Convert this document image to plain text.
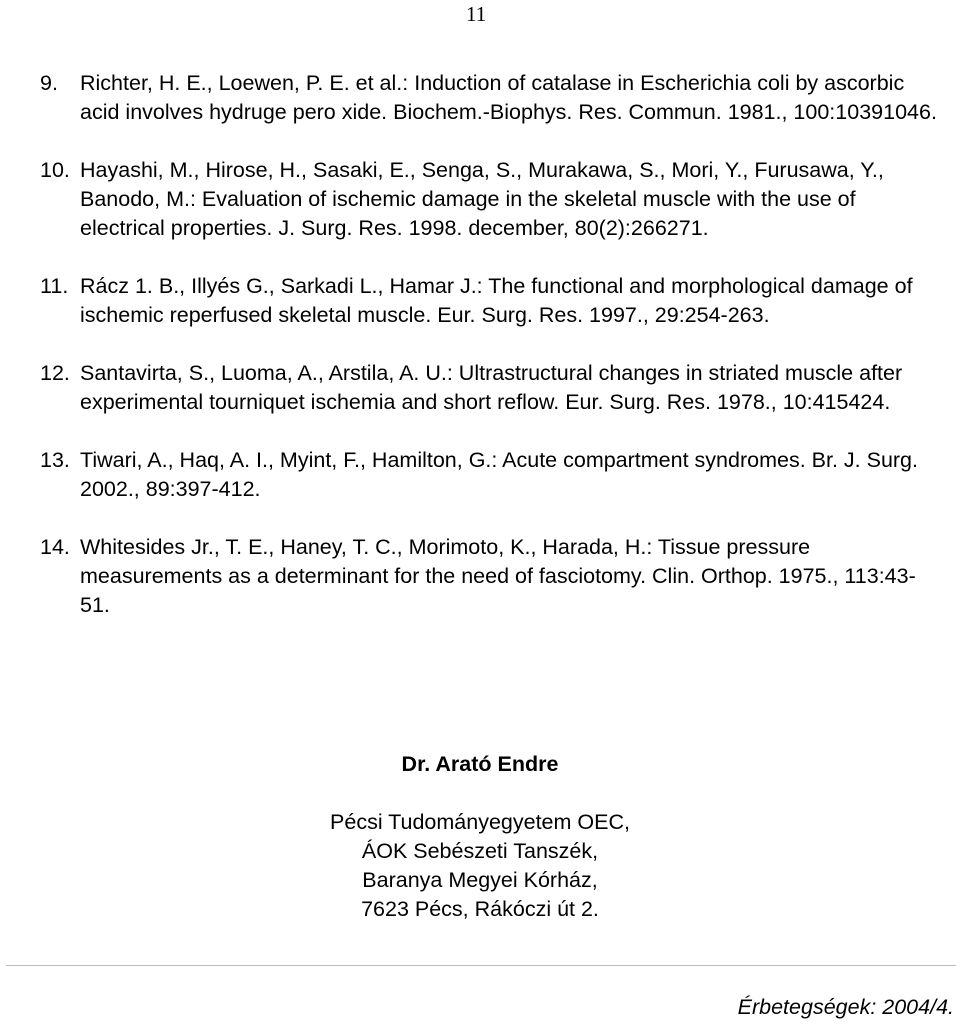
11
9. Richter, H. E., Loewen, P. E. et al.: Induction of catalase in Escherichia coli by ascorbic acid involves hydruge pero xide. Biochem.-Biophys. Res. Commun. 1981., 100:10391046.
10. Hayashi, M., Hirose, H., Sasaki, E., Senga, S., Murakawa, S., Mori, Y., Furusawa, Y., Banodo, M.: Evaluation of ischemic damage in the skeletal muscle with the use of electrical properties. J. Surg. Res. 1998. december, 80(2):266271.
11. Rácz 1. B., Illyés G., Sarkadi L., Hamar J.: The functional and morphological damage of ischemic reperfused skeletal muscle. Eur. Surg. Res. 1997., 29:254-263.
12. Santavirta, S., Luoma, A., Arstila, A. U.: Ultrastructural changes in striated muscle after experimental tourniquet ischemia and short reflow. Eur. Surg. Res. 1978., 10:415424.
13. Tiwari, A., Haq, A. I., Myint, F., Hamilton, G.: Acute compartment syndromes. Br. J. Surg. 2002., 89:397-412.
14. Whitesides Jr., T. E., Haney, T. C., Morimoto, K., Harada, H.: Tissue pressure measurements as a determinant for the need of fasciotomy. Clin. Orthop. 1975., 113:43-51.
Dr. Arató Endre
Pécsi Tudományegyetem OEC,
ÁOK Sebészeti Tanszék,
Baranya Megyei Kórház,
7623 Pécs, Rákóczi út 2.
Érbetegségek: 2004/4.
